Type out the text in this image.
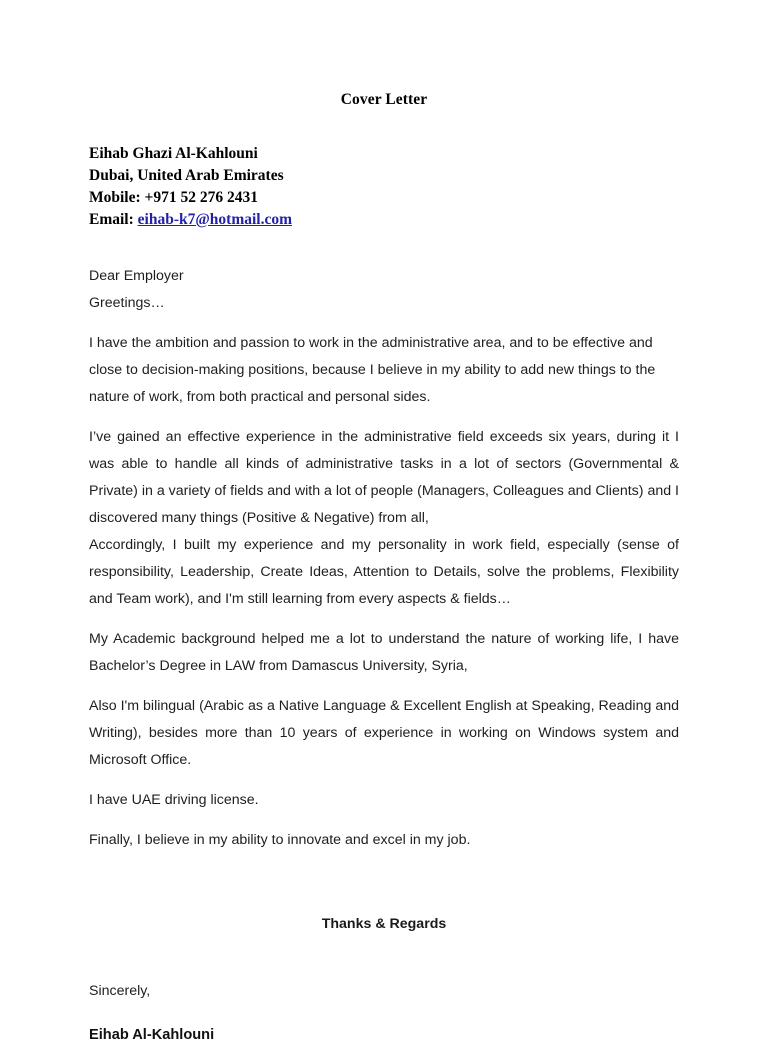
Cover Letter
Eihab Ghazi Al-Kahlouni
Dubai, United Arab Emirates
Mobile: +971 52 276 2431
Email: eihab-k7@hotmail.com
Dear Employer
Greetings…

I have the ambition and passion to work in the administrative area, and to be effective and close to decision-making positions, because I believe in my ability to add new things to the nature of work, from both practical and personal sides.

I’ve gained an effective experience in the administrative field exceeds six years, during it I was able to handle all kinds of administrative tasks in a lot of sectors (Governmental & Private) in a variety of fields and with a lot of people (Managers, Colleagues and Clients) and I discovered many things (Positive & Negative) from all,

Accordingly, I built my experience and my personality in work field, especially (sense of responsibility, Leadership, Create Ideas, Attention to Details, solve the problems, Flexibility and Team work), and I'm still learning from every aspects & fields…

My Academic background helped me a lot to understand the nature of working life, I have Bachelor’s Degree in LAW from Damascus University, Syria,

Also I'm bilingual (Arabic as a Native Language & Excellent English at Speaking, Reading and Writing), besides more than 10 years of experience in working on Windows system and Microsoft Office.

I have UAE driving license.

Finally, I believe in my ability to innovate and excel in my job.

Thanks & Regards

Sincerely,

Eihab Al-Kahlouni
